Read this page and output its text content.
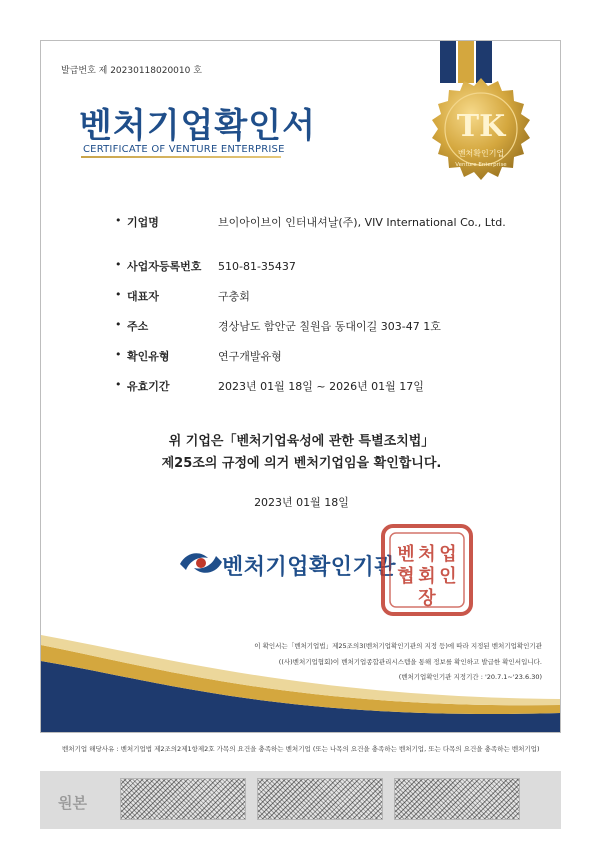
발급번호 제 20230118020010 호
벤처기업확인서
CERTIFICATE OF VENTURE ENTERPRISE
TK
벤처확인기업
Venture Enterprise
• 기업명	브이아이브이 인터내셔날(주), VIV International Co., Ltd.
• 사업자등록번호 510-81-35437
• 대표자	구충회
• 주소	경상남도 함안군 칠원읍 동대이길 303-47 1호
• 확인유형	연구개발유형
• 유효기간	2023년 01월 18일 ~ 2026년 01월 17일
위 기업은「벤처기업육성에 관한 특별조치법」
제25조의 규정에 의거 벤처기업임을 확인합니다.
2023년 01월 18일
벤처기업확인기관
벤 처 업
협 회 인
장
이 확인서는「벤처기업법」제25조의3(벤처기업확인기관의 지정 등)에 따라 지정된 벤처기업확인기관
((사)벤처기업협회)이 벤처기업종합관리시스템을 통해 정보를 확인하고 발급한 확인서입니다.
(벤처기업확인기관 지정기간 : '20.7.1~'23.6.30)
벤처기업 해당사유 : 벤처기업법 제2조의2제1항제2호 가목의 요건을 충족하는 벤처기업 (또는 나목의 요건을 충족하는 벤처기업, 또는 다목의 요건을 충족하는 벤처기업)
원본
